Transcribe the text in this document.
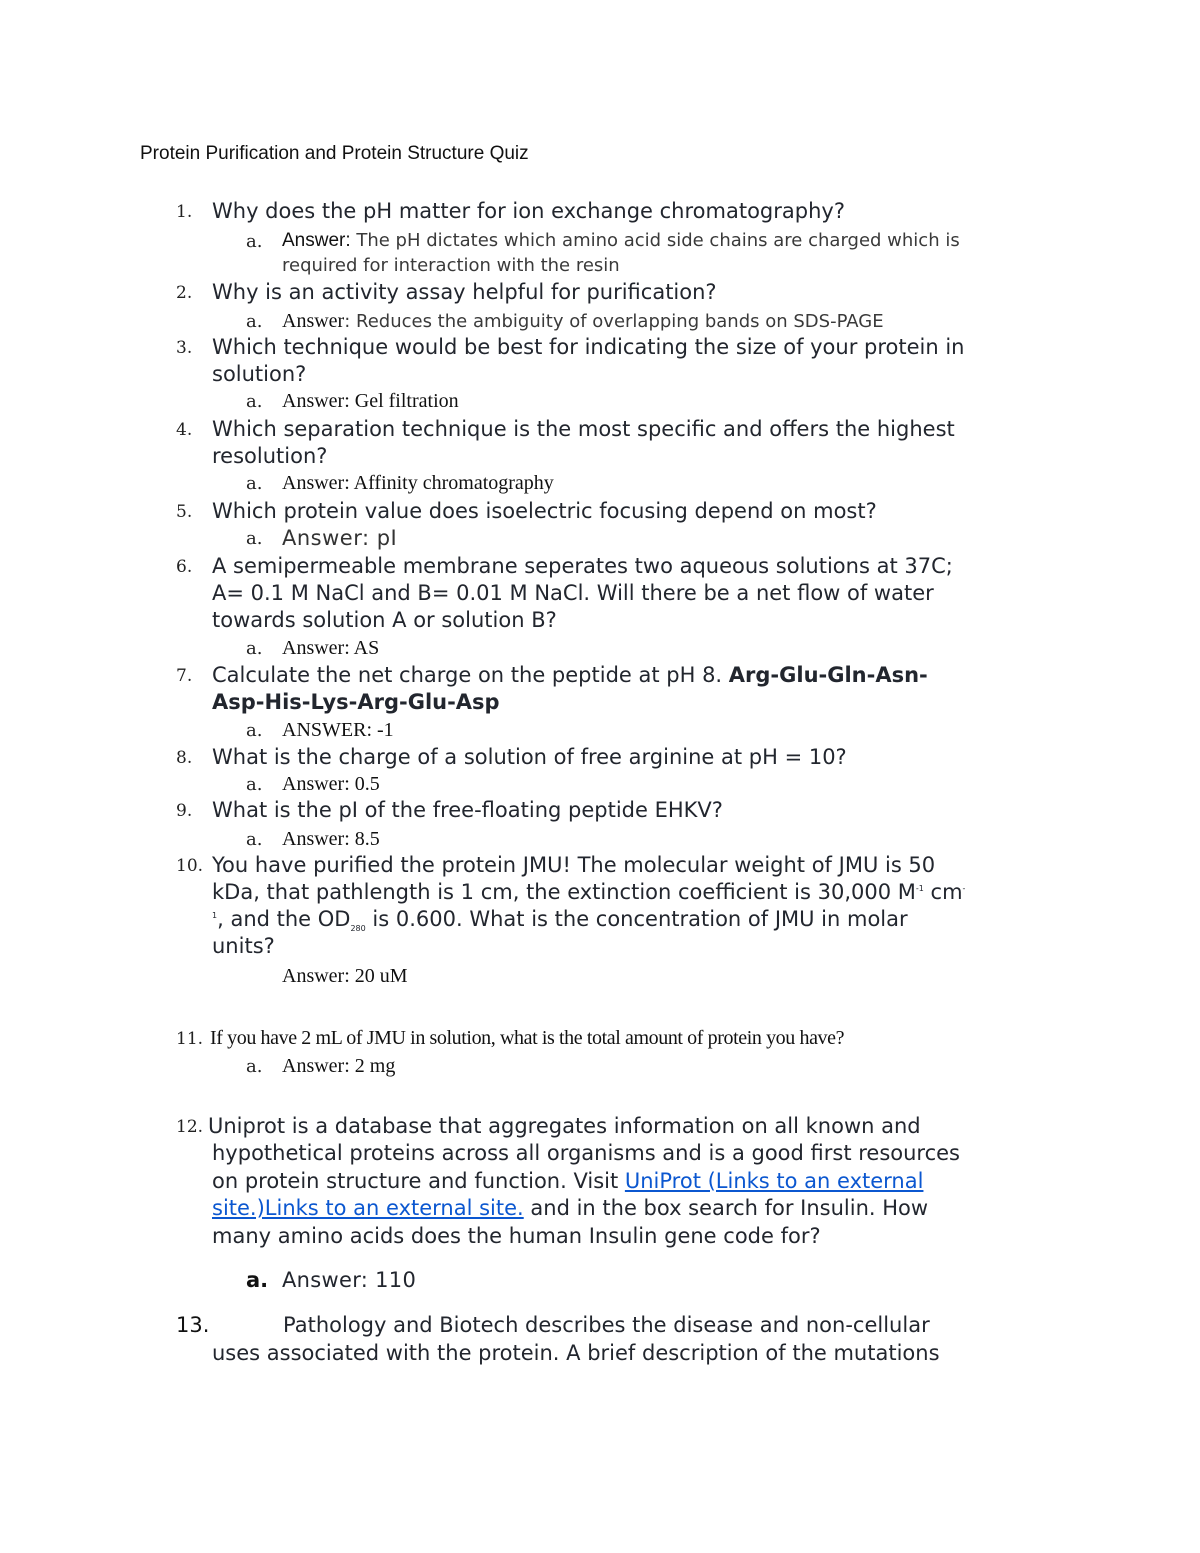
Protein Purification and Protein Structure Quiz
1. Why does the pH matter for ion exchange chromatography?
a. Answer: The pH dictates which amino acid side chains are charged which is
required for interaction with the resin
2. Why is an activity assay helpful for purification?
a. Answer: Reduces the ambiguity of overlapping bands on SDS-PAGE
3. Which technique would be best for indicating the size of your protein in
solution?
a. Answer: Gel filtration
4. Which separation technique is the most specific and offers the highest
resolution?
a. Answer: Affinity chromatography
5. Which protein value does isoelectric focusing depend on most?
a. Answer: pI
6. A semipermeable membrane seperates two aqueous solutions at 37C;
A= 0.1 M NaCl and B= 0.01 M NaCl. Will there be a net flow of water
towards solution A or solution B?
a. Answer: AS
7. Calculate the net charge on the peptide at pH 8. Arg-Glu-Gln-Asn-
Asp-His-Lys-Arg-Glu-Asp
a. ANSWER: -1
8. What is the charge of a solution of free arginine at pH = 10?
a. Answer: 0.5
9. What is the pI of the free-floating peptide EHKV?
a. Answer: 8.5
10. You have purified the protein JMU! The molecular weight of JMU is 50
kDa, that pathlength is 1 cm, the extinction coefficient is 30,000 $M^{-1}$ cm-
$^1$, and the $OD_{280}$ is 0.600. What is the concentration of JMU in molar
units?
Answer: 20 uM
11. If you have 2 mL of JMU in solution, what is the total amount of protein you have?
a. Answer: 2 mg
12. Uniprot is a database that aggregates information on all known and
hypothetical proteins across all organisms and is a good first resources
on protein structure and function. Visit UniProt (Links to an external
site.)Links to an external site. and in the box search for Insulin. How
many amino acids does the human Insulin gene code for?
a. Answer: 110
13.	Pathology and Biotech describes the disease and non-cellular
uses associated with the protein. A brief description of the mutations
